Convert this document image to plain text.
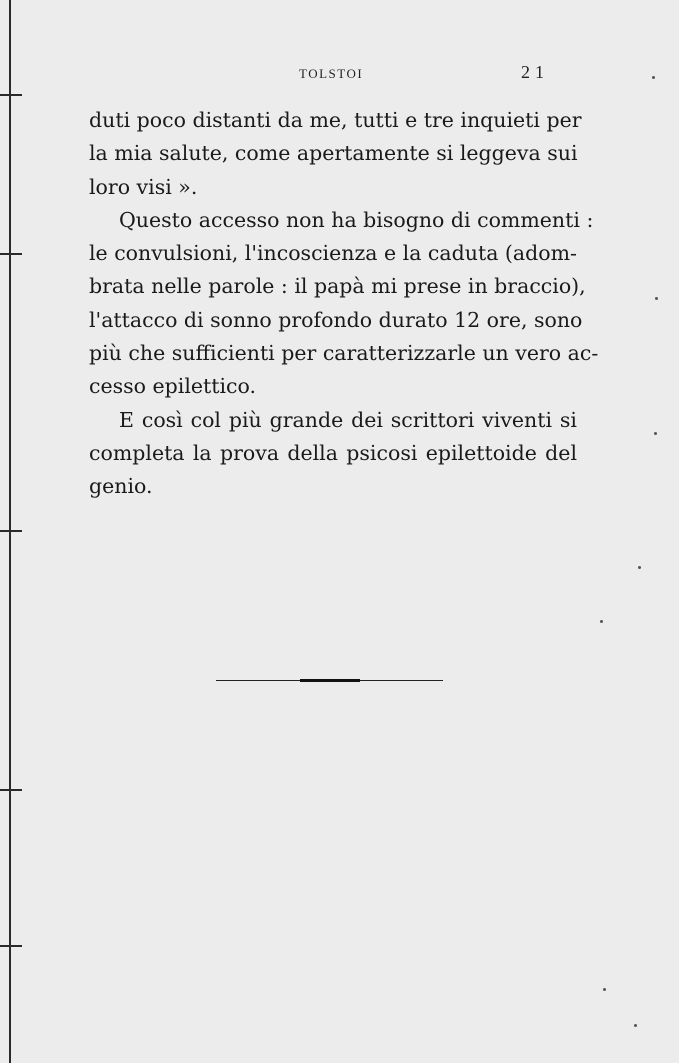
TOLSTOI	21

duti poco distanti da me, tutti e tre inquieti per
la mia salute, come apertamente si leggeva sui
loro visi ».

Questo accesso non ha bisogno di commenti :
le convulsioni, l'incoscienza e la caduta (adom-
brata nelle parole : il papà mi prese in braccio),
l'attacco di sonno profondo durato 12 ore, sono
più che sufficienti per caratterizzarle un vero ac-
cesso epilettico.

E così col più grande dei scrittori viventi si
completa la prova della psicosi epilettoide del
genio.
